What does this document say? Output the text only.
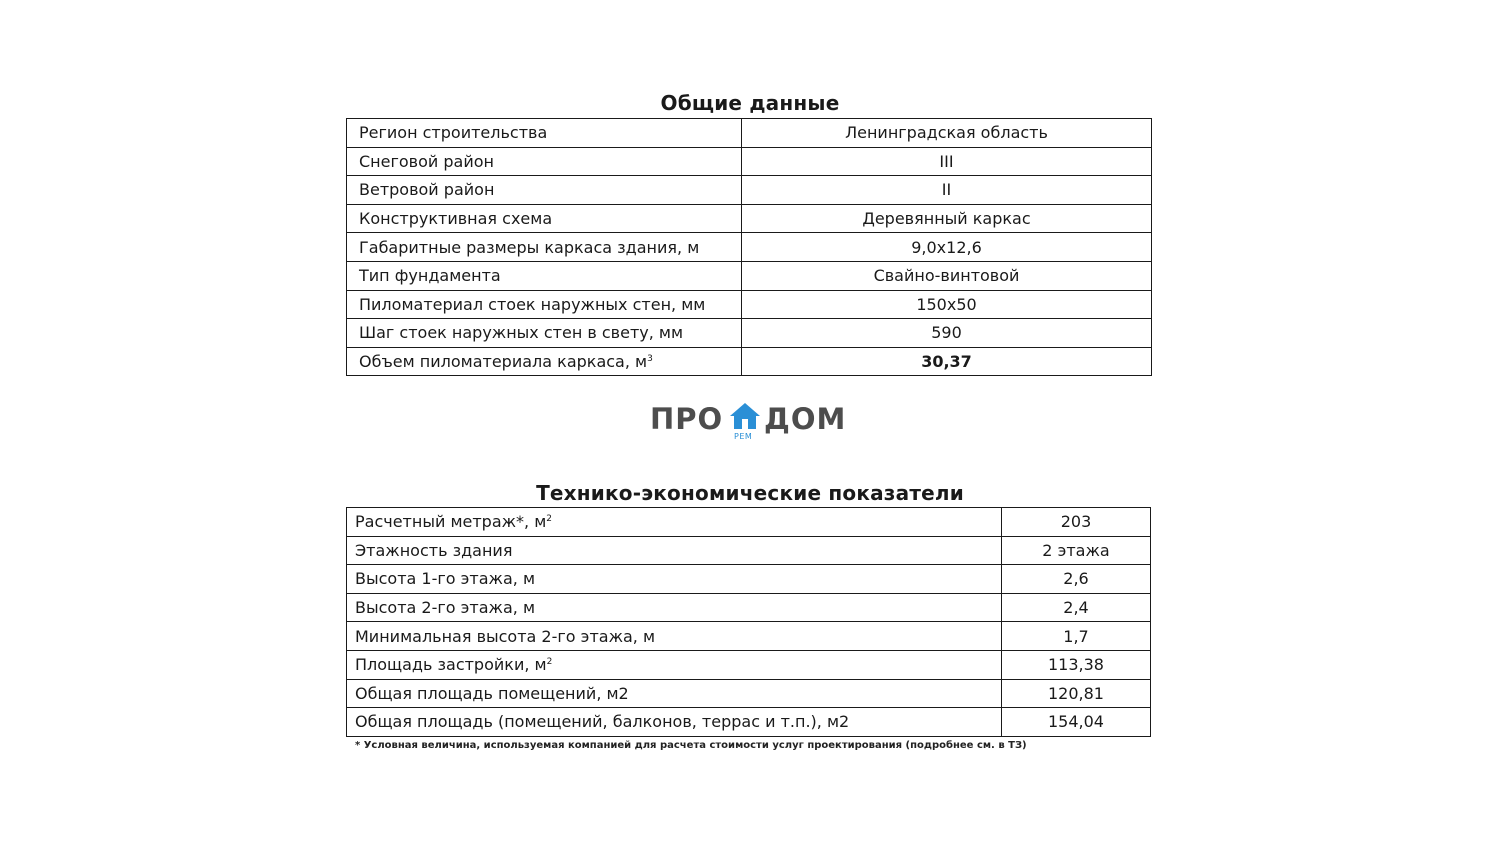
Общие данные
Регион строительства	Ленинградская область
Снеговой район	III
Ветровой район	II
Конструктивная схема	Деревянный каркас
Габаритные размеры каркаса здания, м	9,0x12,6
Тип фундамента	Свайно-винтовой
Пиломатериал стоек наружных стен, мм	150x50
Шаг стоек наружных стен в свету, мм	590
Объем пиломатериала каркаса, $м^3$	30,37
ПРО
РЕМ
ДОМ
Технико-экономические показатели
Расчетный метраж*, $м^2$	203
Этажность здания	2 этажа
Высота 1-го этажа, м	2,6
Высота 2-го этажа, м	2,4
Минимальная высота 2-го этажа, м	1,7
Площадь застройки, $м^2$	113,38
Общая площадь помещений, м2	120,81
Общая площадь (помещений, балконов, террас и т.п.), м2	154,04
* Условная величина, используемая компанией для расчета стоимости услуг проектирования (подробнее см. в ТЗ)
